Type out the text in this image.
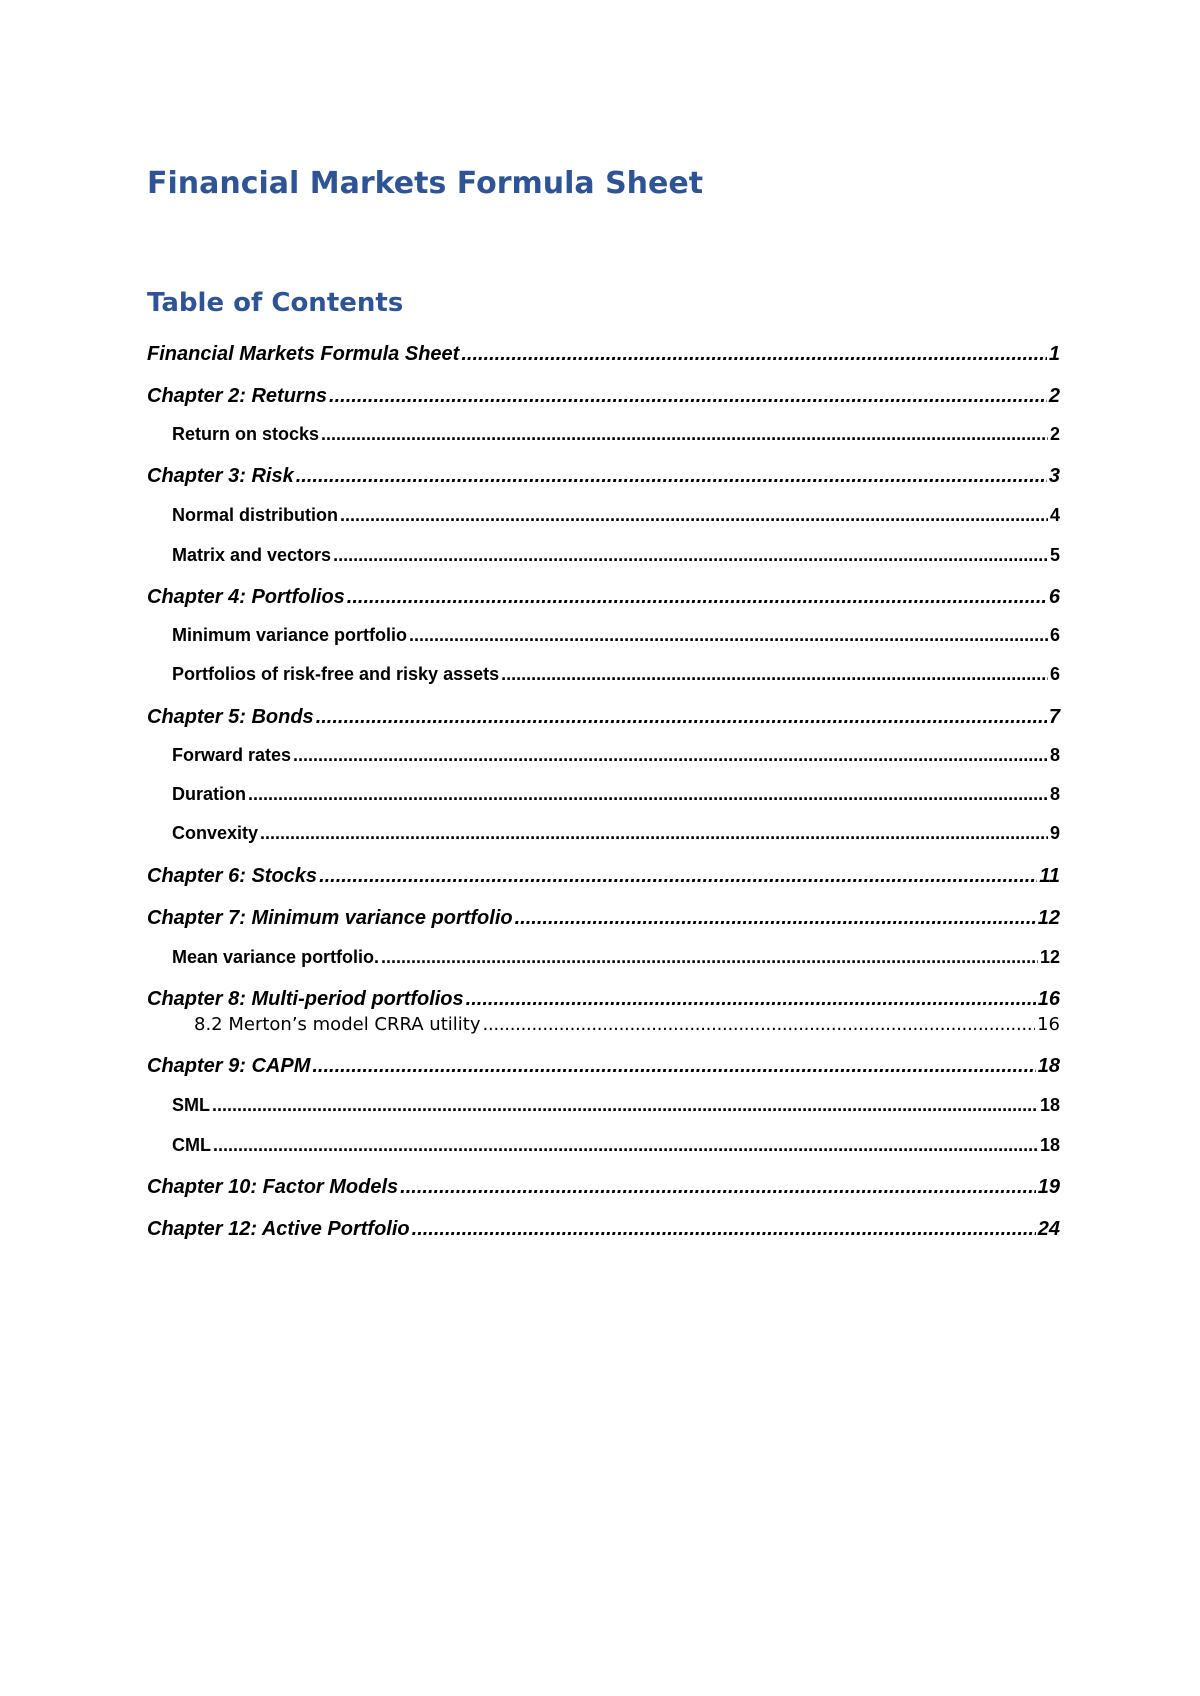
Financial Markets Formula Sheet
Table of Contents
Financial Markets Formula Sheet .....	1
Chapter 2: Returns .....	2
Return on stocks .....	2
Chapter 3: Risk .....	3
Normal distribution .....	4
Matrix and vectors .....	5
Chapter 4: Portfolios .....	6
Minimum variance portfolio .....	6
Portfolios of risk-free and risky assets .....	6
Chapter 5: Bonds .....	7
Forward rates .....	8
Duration .....	8
Convexity .....	9
Chapter 6: Stocks .....	11
Chapter 7: Minimum variance portfolio .....	12
Mean variance portfolio. .....	12
Chapter 8: Multi-period portfolios .....	16
8.2 Merton’s model CRRA utility . . .	16
Chapter 9: CAPM .....	18
SML .....	18
CML .....	18
Chapter 10: Factor Models .....	19
Chapter 12: Active Portfolio .....	24
